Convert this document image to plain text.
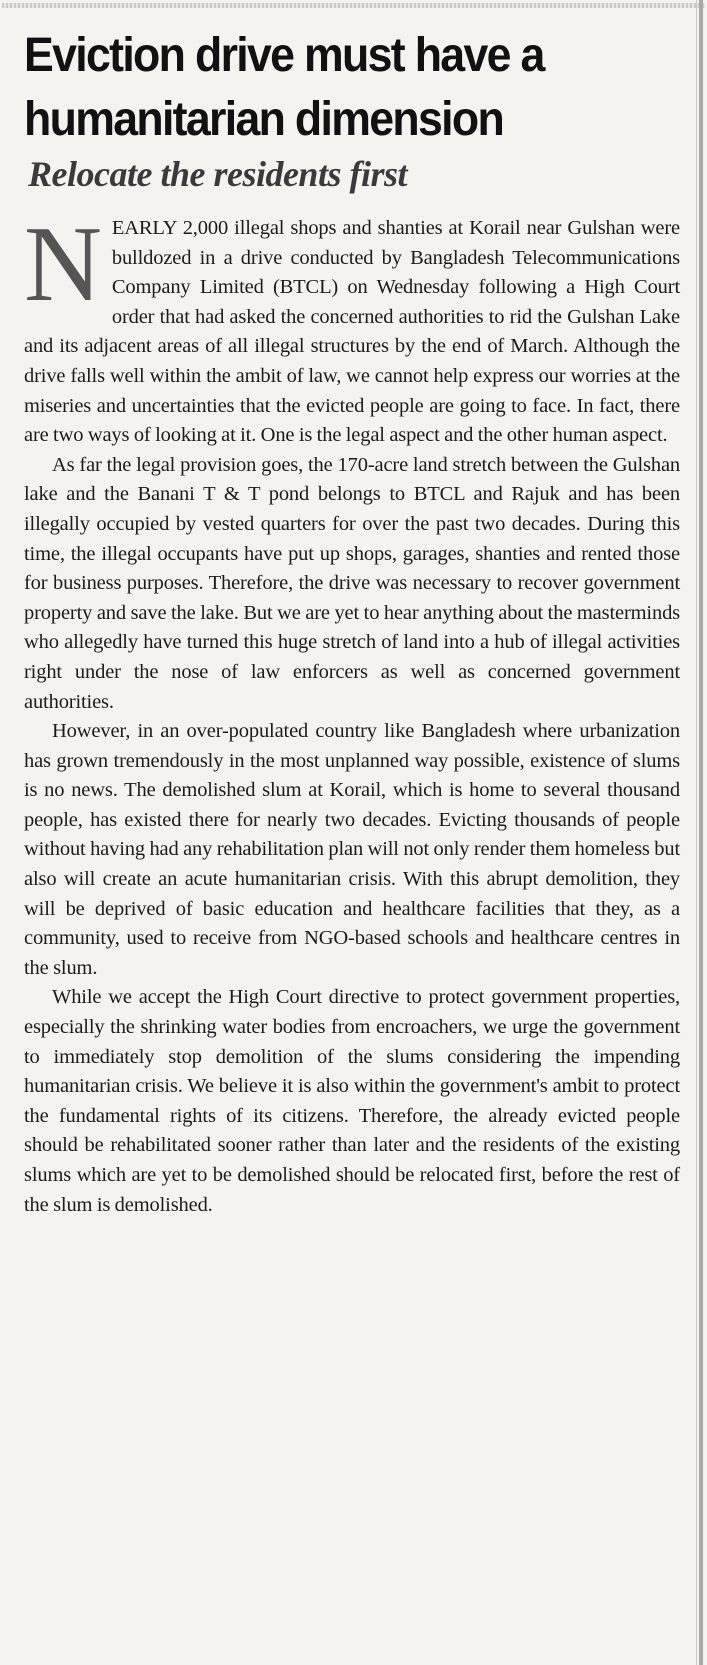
Eviction drive must have a humanitarian dimension
Relocate the residents first

NEARLY 2,000 illegal shops and shanties at Korail near Gulshan were bulldozed in a drive conducted by Bangladesh Telecommunications Company Limited (BTCL) on Wednesday following a High Court order that had asked the concerned authorities to rid the Gulshan Lake and its adjacent areas of all illegal structures by the end of March. Although the drive falls well within the ambit of law, we cannot help express our worries at the miseries and uncertainties that the evicted people are going to face. In fact, there are two ways of looking at it. One is the legal aspect and the other human aspect.

As far the legal provision goes, the 170-acre land stretch between the Gulshan lake and the Banani T & T pond belongs to BTCL and Rajuk and has been illegally occupied by vested quarters for over the past two decades. During this time, the illegal occupants have put up shops, garages, shanties and rented those for business purposes. Therefore, the drive was necessary to recover government property and save the lake. But we are yet to hear anything about the masterminds who allegedly have turned this huge stretch of land into a hub of illegal activities right under the nose of law enforcers as well as concerned government authorities.

However, in an over-populated country like Bangladesh where urbanization has grown tremendously in the most unplanned way possible, existence of slums is no news. The demolished slum at Korail, which is home to several thousand people, has existed there for nearly two decades. Evicting thousands of people without having had any rehabilitation plan will not only render them homeless but also will create an acute humanitarian crisis. With this abrupt demolition, they will be deprived of basic education and healthcare facilities that they, as a community, used to receive from NGO-based schools and healthcare centres in the slum.

While we accept the High Court directive to protect government properties, especially the shrinking water bodies from encroachers, we urge the government to immediately stop demolition of the slums considering the impending humanitarian crisis. We believe it is also within the government's ambit to protect the fundamental rights of its citizens. Therefore, the already evicted people should be rehabilitated sooner rather than later and the residents of the existing slums which are yet to be demolished should be relocated first, before the rest of the slum is demolished.
